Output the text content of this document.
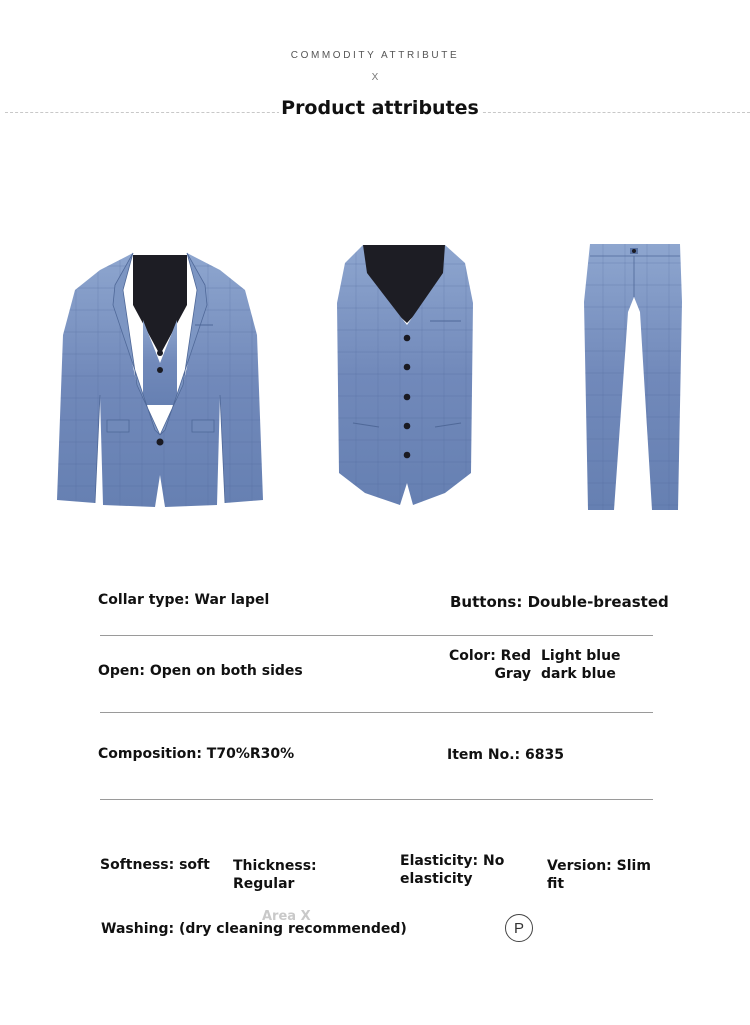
COMMODITY ATTRIBUTE
X
Product attributes
Collar type: War lapel	Buttons: Double-breasted
Open: Open on both sides
Color: Red Light blue
Gray dark blue
Composition: T70%R30%	Item No.: 6835
Softness: soft Thickness: Regular
Elasticity: No elasticity
Version: Slim fit
Area X
Washing: (dry cleaning recommended)	P
